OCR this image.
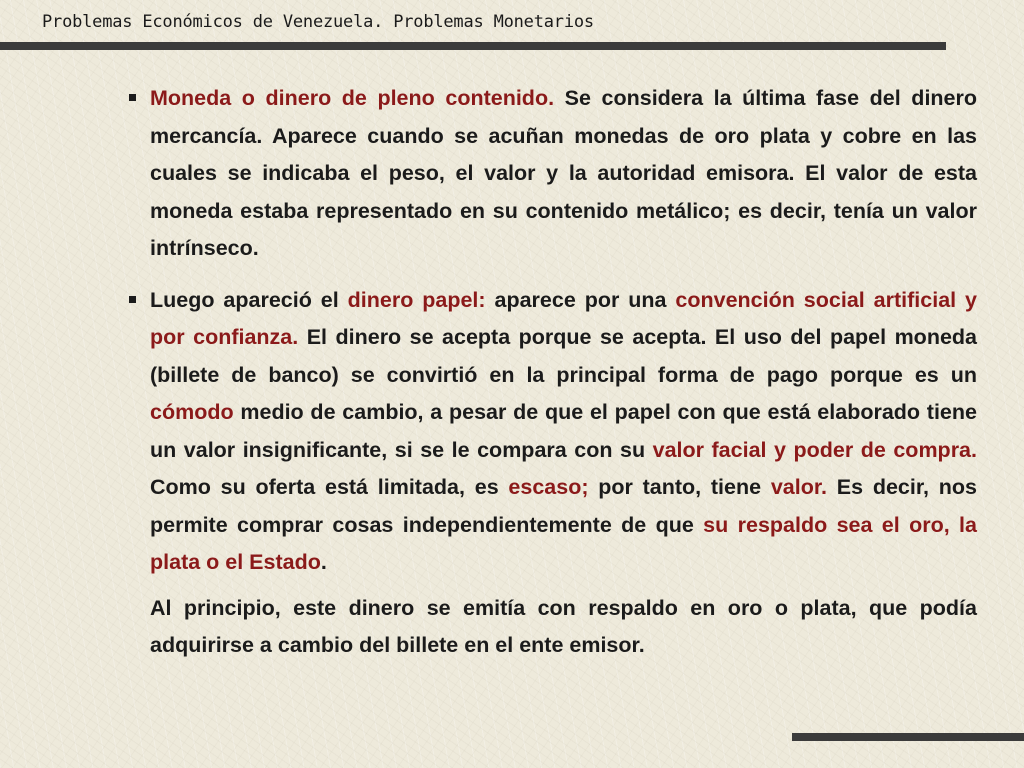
Problemas Económicos de Venezuela. Problemas Monetarios

Moneda o dinero de pleno contenido. Se considera la última fase del dinero mercancía. Aparece cuando se acuñan monedas de oro plata y cobre en las cuales se indicaba el peso, el valor y la autoridad emisora. El valor de esta moneda estaba representado en su contenido metálico; es decir, tenía un valor intrínseco.

Luego apareció el dinero papel: aparece por una convención social artificial y por confianza. El dinero se acepta porque se acepta. El uso del papel moneda (billete de banco) se convirtió en la principal forma de pago porque es un cómodo medio de cambio, a pesar de que el papel con que está elaborado tiene un valor insignificante, si se le compara con su valor facial y poder de compra. Como su oferta está limitada, es escaso; por tanto, tiene valor. Es decir, nos permite comprar cosas independientemente de que su respaldo sea el oro, la plata o el Estado.

Al principio, este dinero se emitía con respaldo en oro o plata, que podía adquirirse a cambio del billete en el ente emisor.
